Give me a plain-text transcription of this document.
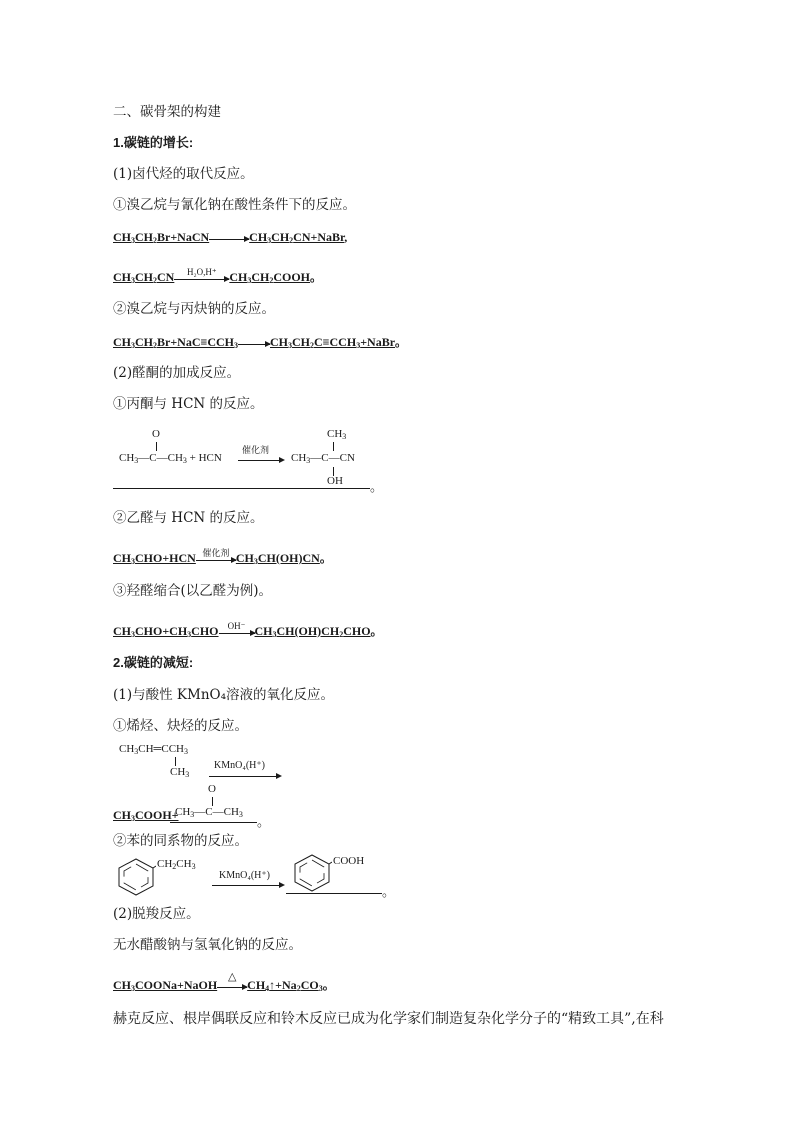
二、碳骨架的构建
1.碳链的增长:
(1)卤代烃的取代反应。
①溴乙烷与氰化钠在酸性条件下的反应。
$CH_3CH_2Br+NaCN\to CH_3CH_2CN+NaBr$,
$CH_3CH_2CN$	H₂O,H⁺	$CH_3CH_2COOH$。
②溴乙烷与丙炔钠的反应。
$CH_3CH_2Br+NaC\equiv CCH_3\to CH_3CH_2C\equiv CCH_3+NaBr$。
(2)醛酮的加成反应。
①丙酮与 HCN 的反应。
O
$CH_3—C—CH_3$ + HCN
催化剂
$CH_3$
$CH_3—C—CN$
OH 。
②乙醛与 HCN 的反应。
$CH_3CHO+HCN$ 催化剂 $CH_3CH(OH)CN$。
③羟醛缩合(以乙醛为例)。
$CH_3CHO+CH_3CHO$	OH⁻ $CH_3CH(OH)CH_2CHO$。
2.碳链的减短:
(1)与酸性 KMnO₄溶液的氧化反应。
①烯烃、炔烃的反应。
$CH_3CH═CCH_3$
$CH_3$
KMnO₄(H⁺)
O
$CH_3COOH+$
$CH_3—C—CH_3$
。
②苯的同系物的反应。
$CH_2CH_3$
KMnO₄(H⁺)
COOH
。
(2)脱羧反应。
无水醋酸钠与氢氧化钠的反应。
$CH_3COONa+NaOH$
△
$CH_4↑+Na_2CO_3$。
赫克反应、根岸偶联反应和铃木反应已成为化学家们制造复杂化学分子的“精致工具”,在科
